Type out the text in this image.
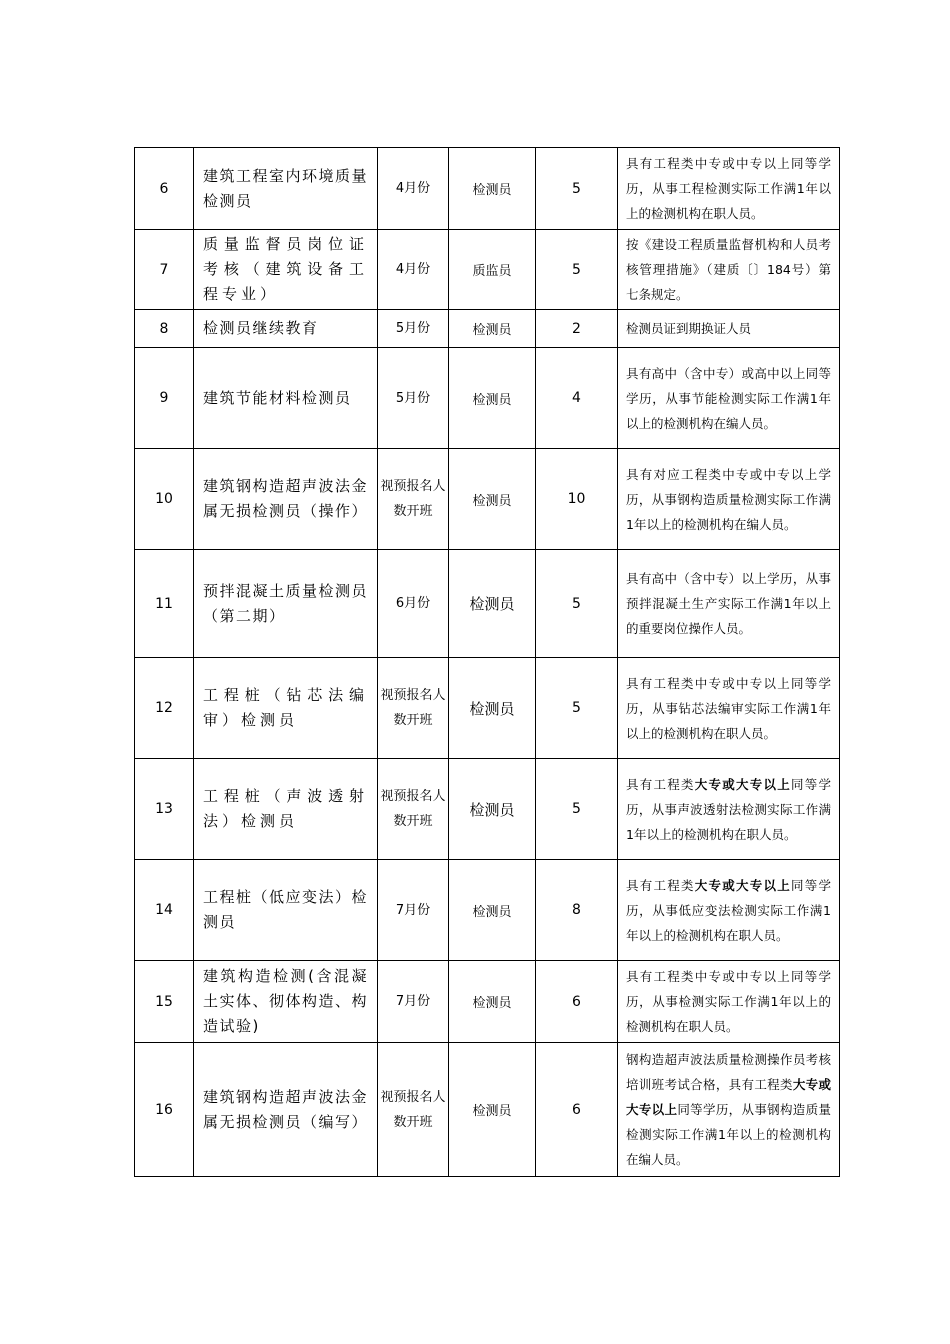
6	建筑工程室内环境质量检测员	4月份	检测员	5	具有工程类中专或中专以上同等学历，从事工程检测实际工作满1年以上的检测机构在职人员。
7	质量监督员岗位证考核（建筑设备工程专业）	4月份	质监员	5	按《建设工程质量监督机构和人员考核管理措施》（建质〔〕184号）第七条规定。
8	检测员继续教育	5月份	检测员	2	检测员证到期换证人员
9	建筑节能材料检测员	5月份	检测员	4	具有高中（含中专）或高中以上同等学历，从事节能检测实际工作满1年以上的检测机构在编人员。
10	建筑钢构造超声波法金属无损检测员（操作）	视预报名人数开班	检测员	10	具有对应工程类中专或中专以上学历，从事钢构造质量检测实际工作满1年以上的检测机构在编人员。
11	预拌混凝土质量检测员（第二期）	6月份	检测员	5	具有高中（含中专）以上学历，从事预拌混凝土生产实际工作满1年以上的重要岗位操作人员。
12	工程桩（钻芯法编审）检测员	视预报名人数开班	检测员	5	具有工程类中专或中专以上同等学历，从事钻芯法编审实际工作满1年以上的检测机构在职人员。
13	工程桩（声波透射法）检测员	视预报名人数开班	检测员	5	具有工程类大专或大专以上同等学历，从事声波透射法检测实际工作满1年以上的检测机构在职人员。
14	工程桩（低应变法）检测员	7月份	检测员	8	具有工程类大专或大专以上同等学历，从事低应变法检测实际工作满1年以上的检测机构在职人员。
15	建筑构造检测(含混凝土实体、彻体构造、构造试验)	7月份	检测员	6	具有工程类中专或中专以上同等学历，从事检测实际工作满1年以上的检测机构在职人员。
16	建筑钢构造超声波法金属无损检测员（编写）	视预报名人数开班	检测员	6	钢构造超声波法质量检测操作员考核培训班考试合格，具有工程类大专或大专以上同等学历，从事钢构造质量检测实际工作满1年以上的检测机构在编人员。
